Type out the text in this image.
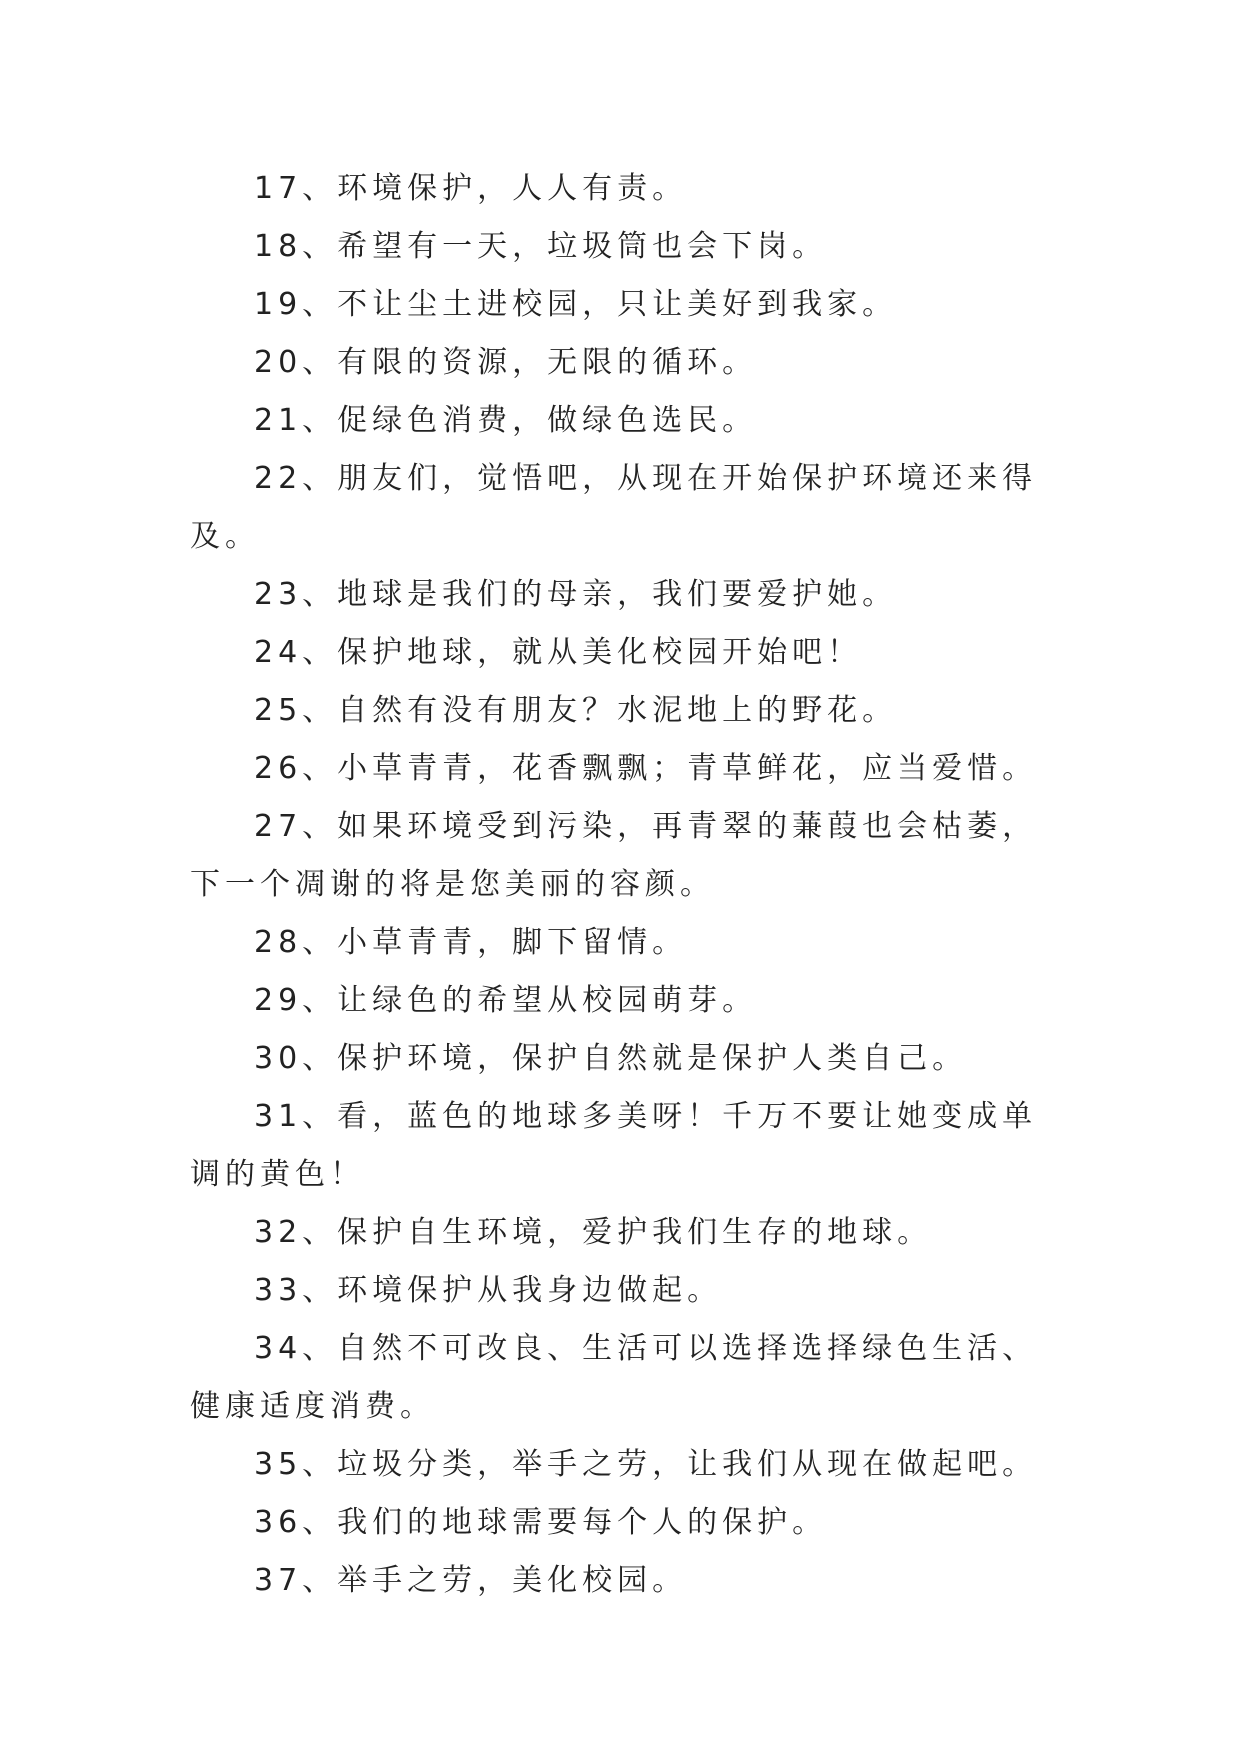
17、环境保护，人人有责。

18、希望有一天，垃圾筒也会下岗。

19、不让尘土进校园，只让美好到我家。

20、有限的资源，无限的循环。

21、促绿色消费，做绿色选民。

22、朋友们，觉悟吧，从现在开始保护环境还来得及。

23、地球是我们的母亲，我们要爱护她。

24、保护地球，就从美化校园开始吧！

25、自然有没有朋友？水泥地上的野花。

26、小草青青，花香飘飘；青草鲜花，应当爱惜。

27、如果环境受到污染，再青翠的蒹葭也会枯萎，下一个凋谢的将是您美丽的容颜。

28、小草青青，脚下留情。

29、让绿色的希望从校园萌芽。

30、保护环境，保护自然就是保护人类自己。

31、看，蓝色的地球多美呀！千万不要让她变成单调的黄色！

32、保护自生环境，爱护我们生存的地球。

33、环境保护从我身边做起。

34、自然不可改良、生活可以选择选择绿色生活、健康适度消费。

35、垃圾分类，举手之劳，让我们从现在做起吧。

36、我们的地球需要每个人的保护。

37、举手之劳，美化校园。
